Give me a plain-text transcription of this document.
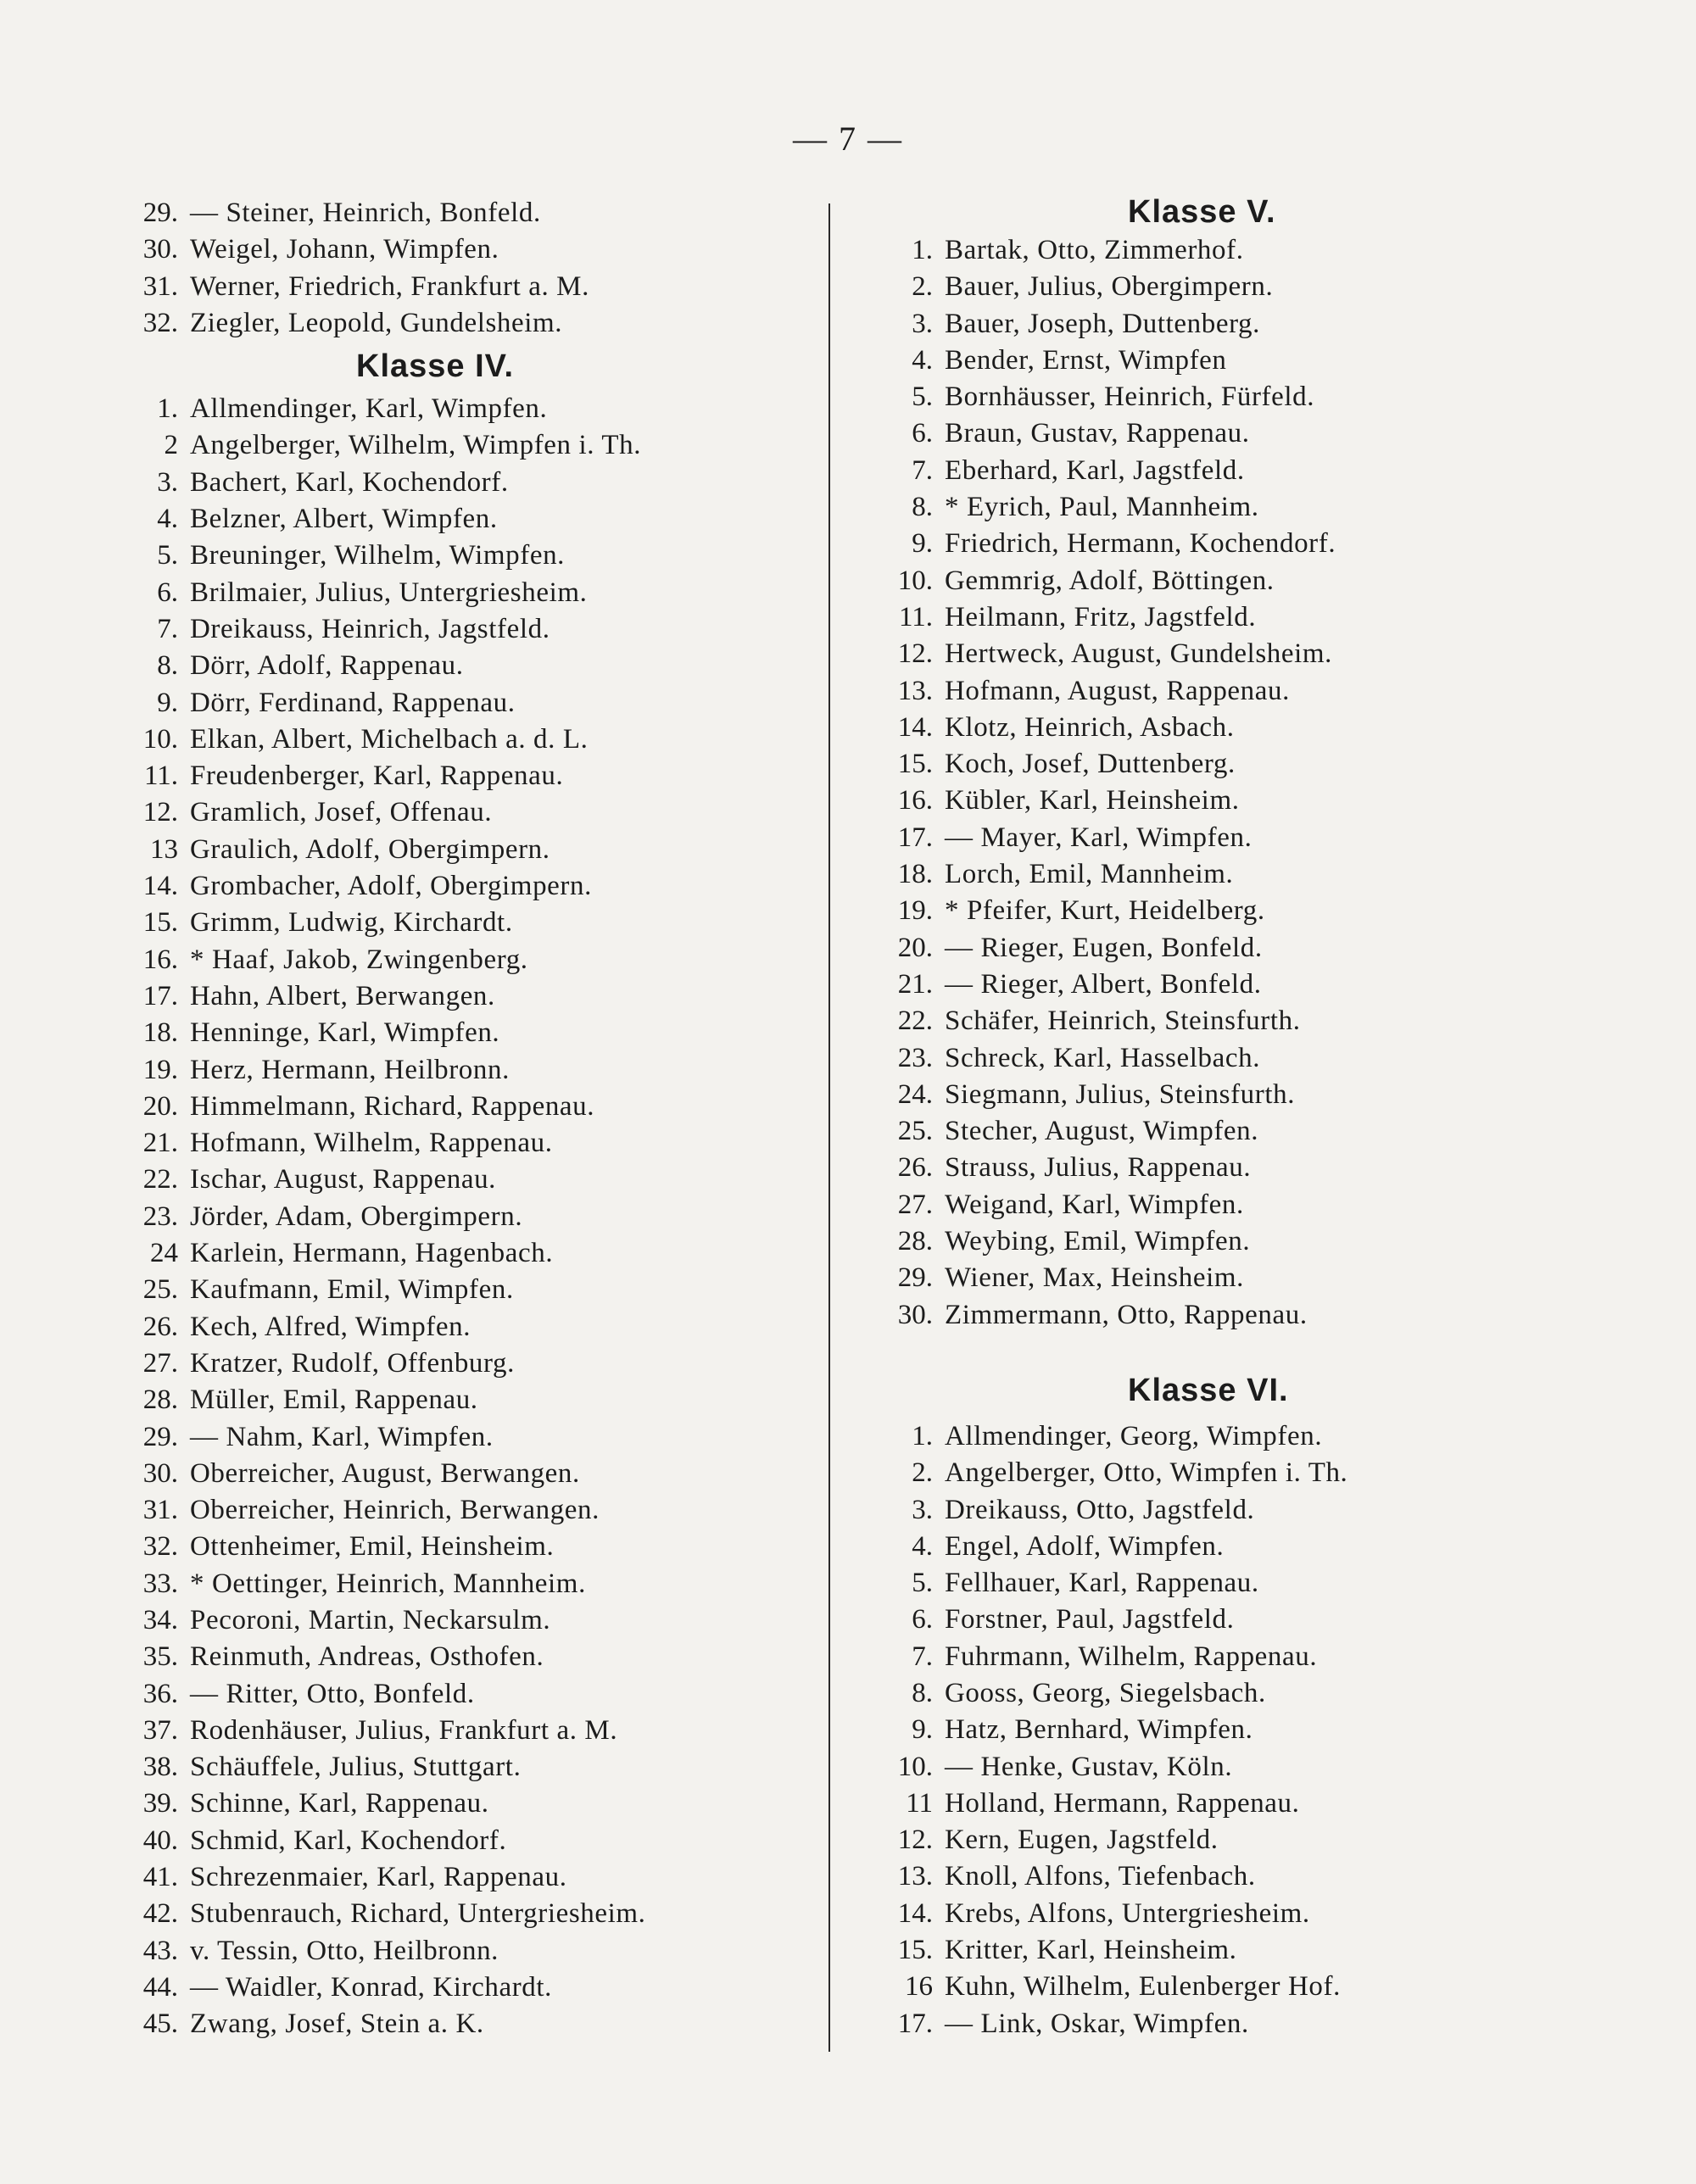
— 7 —
29. — Steiner, Heinrich, Bonfeld.
30. Weigel, Johann, Wimpfen.
31. Werner, Friedrich, Frankfurt a. M.
32. Ziegler, Leopold, Gundelsheim.
Klasse IV.
1. Allmendinger, Karl, Wimpfen.
2 Angelberger, Wilhelm, Wimpfen i. Th.
3. Bachert, Karl, Kochendorf.
4. Belzner, Albert, Wimpfen.
5. Breuninger, Wilhelm, Wimpfen.
6. Brilmaier, Julius, Untergriesheim.
7. Dreikauss, Heinrich, Jagstfeld.
8. Dörr, Adolf, Rappenau.
9. Dörr, Ferdinand, Rappenau.
10. Elkan, Albert, Michelbach a. d. L.
11. Freudenberger, Karl, Rappenau.
12. Gramlich, Josef, Offenau.
13 Graulich, Adolf, Obergimpern.
14. Grombacher, Adolf, Obergimpern.
15. Grimm, Ludwig, Kirchardt.
16. * Haaf, Jakob, Zwingenberg.
17. Hahn, Albert, Berwangen.
18. Henninge, Karl, Wimpfen.
19. Herz, Hermann, Heilbronn.
20. Himmelmann, Richard, Rappenau.
21. Hofmann, Wilhelm, Rappenau.
22. Ischar, August, Rappenau.
23. Jörder, Adam, Obergimpern.
24 Karlein, Hermann, Hagenbach.
25. Kaufmann, Emil, Wimpfen.
26. Kech, Alfred, Wimpfen.
27. Kratzer, Rudolf, Offenburg.
28. Müller, Emil, Rappenau.
29. — Nahm, Karl, Wimpfen.
30. Oberreicher, August, Berwangen.
31. Oberreicher, Heinrich, Berwangen.
32. Ottenheimer, Emil, Heinsheim.
33. * Oettinger, Heinrich, Mannheim.
34. Pecoroni, Martin, Neckarsulm.
35. Reinmuth, Andreas, Osthofen.
36. — Ritter, Otto, Bonfeld.
37. Rodenhäuser, Julius, Frankfurt a. M.
38. Schäuffele, Julius, Stuttgart.
39. Schinne, Karl, Rappenau.
40. Schmid, Karl, Kochendorf.
41. Schrezenmaier, Karl, Rappenau.
42. Stubenrauch, Richard, Untergriesheim.
43. v. Tessin, Otto, Heilbronn.
44. — Waidler, Konrad, Kirchardt.
45. Zwang, Josef, Stein a. K.
Klasse V.
1. Bartak, Otto, Zimmerhof.
2. Bauer, Julius, Obergimpern.
3. Bauer, Joseph, Duttenberg.
4. Bender, Ernst, Wimpfen
5. Bornhäusser, Heinrich, Fürfeld.
6. Braun, Gustav, Rappenau.
7. Eberhard, Karl, Jagstfeld.
8. * Eyrich, Paul, Mannheim.
9. Friedrich, Hermann, Kochendorf.
10. Gemmrig, Adolf, Böttingen.
11. Heilmann, Fritz, Jagstfeld.
12. Hertweck, August, Gundelsheim.
13. Hofmann, August, Rappenau.
14. Klotz, Heinrich, Asbach.
15. Koch, Josef, Duttenberg.
16. Kübler, Karl, Heinsheim.
17. — Mayer, Karl, Wimpfen.
18. Lorch, Emil, Mannheim.
19. * Pfeifer, Kurt, Heidelberg.
20. — Rieger, Eugen, Bonfeld.
21. — Rieger, Albert, Bonfeld.
22. Schäfer, Heinrich, Steinsfurth.
23. Schreck, Karl, Hasselbach.
24. Siegmann, Julius, Steinsfurth.
25. Stecher, August, Wimpfen.
26. Strauss, Julius, Rappenau.
27. Weigand, Karl, Wimpfen.
28. Weybing, Emil, Wimpfen.
29. Wiener, Max, Heinsheim.
30. Zimmermann, Otto, Rappenau.
Klasse VI.
1. Allmendinger, Georg, Wimpfen.
2. Angelberger, Otto, Wimpfen i. Th.
3. Dreikauss, Otto, Jagstfeld.
4. Engel, Adolf, Wimpfen.
5. Fellhauer, Karl, Rappenau.
6. Forstner, Paul, Jagstfeld.
7. Fuhrmann, Wilhelm, Rappenau.
8. Gooss, Georg, Siegelsbach.
9. Hatz, Bernhard, Wimpfen.
10. — Henke, Gustav, Köln.
11 Holland, Hermann, Rappenau.
12. Kern, Eugen, Jagstfeld.
13. Knoll, Alfons, Tiefenbach.
14. Krebs, Alfons, Untergriesheim.
15. Kritter, Karl, Heinsheim.
16 Kuhn, Wilhelm, Eulenberger Hof.
17. — Link, Oskar, Wimpfen.
